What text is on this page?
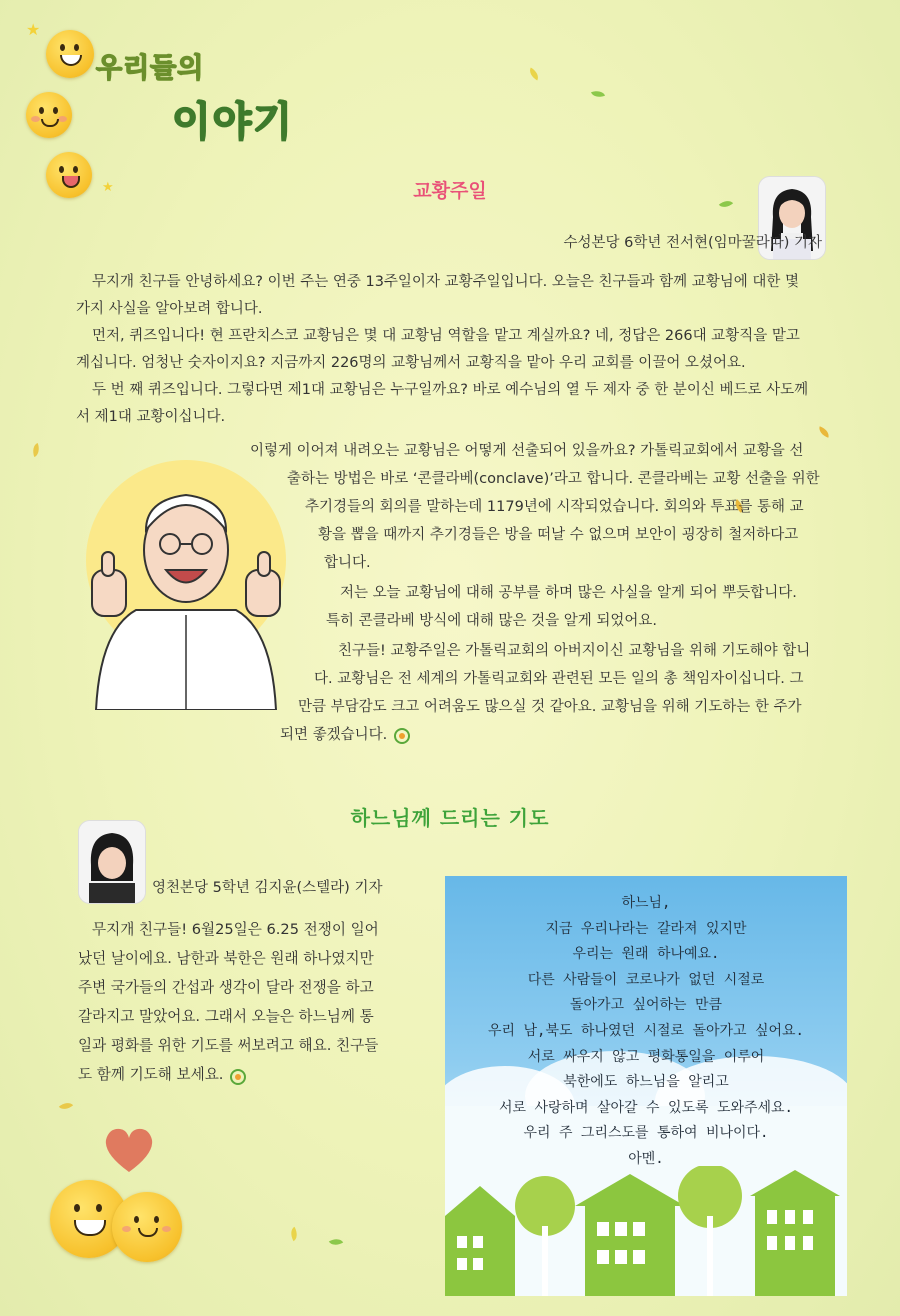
★
★
우리들의
이야기
교황주일
수성본당 6학년 전서현(임마꿀라따) 기자
무지개 친구들 안녕하세요? 이번 주는 연중 13주일이자 교황주일입니다. 오늘은 친구들과 함께 교황님에 대한 몇
가지 사실을 알아보려 합니다.
먼저, 퀴즈입니다! 현 프란치스코 교황님은 몇 대 교황님 역할을 맡고 계실까요? 네, 정답은 266대 교황직을 맡고
계십니다. 엄청난 숫자이지요? 지금까지 226명의 교황님께서 교황직을 맡아 우리 교회를 이끌어 오셨어요.
두 번 째 퀴즈입니다. 그렇다면 제1대 교황님은 누구일까요? 바로 예수님의 열 두 제자 중 한 분이신 베드로 사도께
서 제1대 교황이십니다.
이렇게 이어져 내려오는 교황님은 어떻게 선출되어 있을까요? 가톨릭교회에서 교황을 선
출하는 방법은 바로 ‘콘클라베(conclave)’라고 합니다. 콘클라베는 교황 선출을 위한
추기경들의 회의를 말하는데 1179년에 시작되었습니다. 회의와 투표를 통해 교
황을 뽑을 때까지 추기경들은 방을 떠날 수 없으며 보안이 굉장히 철저하다고
합니다.
저는 오늘 교황님에 대해 공부를 하며 많은 사실을 알게 되어 뿌듯합니다.
특히 콘클라베 방식에 대해 많은 것을 알게 되었어요.
친구들! 교황주일은 가톨릭교회의 아버지이신 교황님을 위해 기도해야 합니
다. 교황님은 전 세계의 가톨릭교회와 관련된 모든 일의 총 책임자이십니다. 그
만큼 부담감도 크고 어려움도 많으실 것 같아요. 교황님을 위해 기도하는 한 주가
되면 좋겠습니다.
하느님께 드리는 기도
영천본당 5학년 김지윤(스텔라) 기자
무지개 친구들! 6월25일은 6.25 전쟁이 일어
났던 날이에요. 남한과 북한은 원래 하나였지만
주변 국가들의 간섭과 생각이 달라 전쟁을 하고
갈라지고 말았어요. 그래서 오늘은 하느님께 통
일과 평화를 위한 기도를 써보려고 해요. 친구들
도 함께 기도해 보세요.
하느님,
지금 우리나라는 갈라져 있지만
우리는 원래 하나예요.
다른 사람들이 코로나가 없던 시절로
돌아가고 싶어하는 만큼
우리 남,북도 하나였던 시절로 돌아가고 싶어요.
서로 싸우지 않고 평화통일을 이루어
북한에도 하느님을 알리고
서로 사랑하며 살아갈 수 있도록 도와주세요.
우리 주 그리스도를 통하여 비나이다.
아멘.
